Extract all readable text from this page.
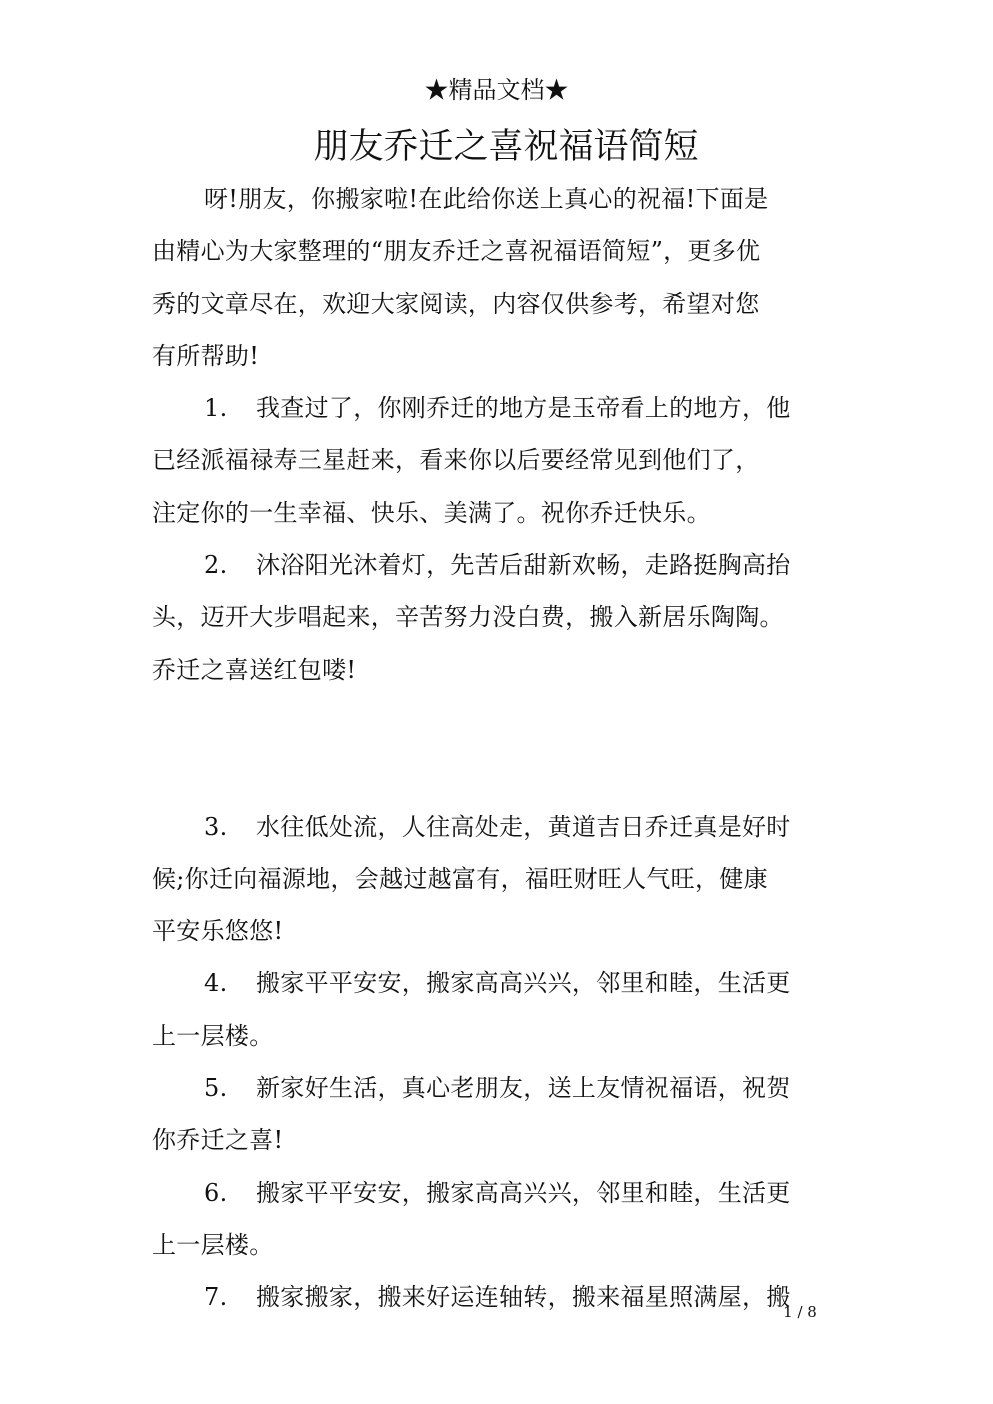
★精品文档★
朋友乔迁之喜祝福语简短
呀!朋友，你搬家啦!在此给你送上真心的祝福!下面是
由精心为大家整理的“朋友乔迁之喜祝福语简短”，更多优
秀的文章尽在，欢迎大家阅读，内容仅供参考，希望对您
有所帮助!
1. 我查过了，你刚乔迁的地方是玉帝看上的地方，他
已经派福禄寿三星赶来，看来你以后要经常见到他们了，
注定你的一生幸福、快乐、美满了。祝你乔迁快乐。
2. 沐浴阳光沐着灯，先苦后甜新欢畅，走路挺胸高抬
头，迈开大步唱起来，辛苦努力没白费，搬入新居乐陶陶。
乔迁之喜送红包喽!
3. 水往低处流，人往高处走，黄道吉日乔迁真是好时
候;你迁向福源地，会越过越富有，福旺财旺人气旺，健康
平安乐悠悠!
4. 搬家平平安安，搬家高高兴兴，邻里和睦，生活更
上一层楼。
5. 新家好生活，真心老朋友，送上友情祝福语，祝贺
你乔迁之喜!
6. 搬家平平安安，搬家高高兴兴，邻里和睦，生活更
上一层楼。
7. 搬家搬家，搬来好运连轴转，搬来福星照满屋，搬
1 / 8
